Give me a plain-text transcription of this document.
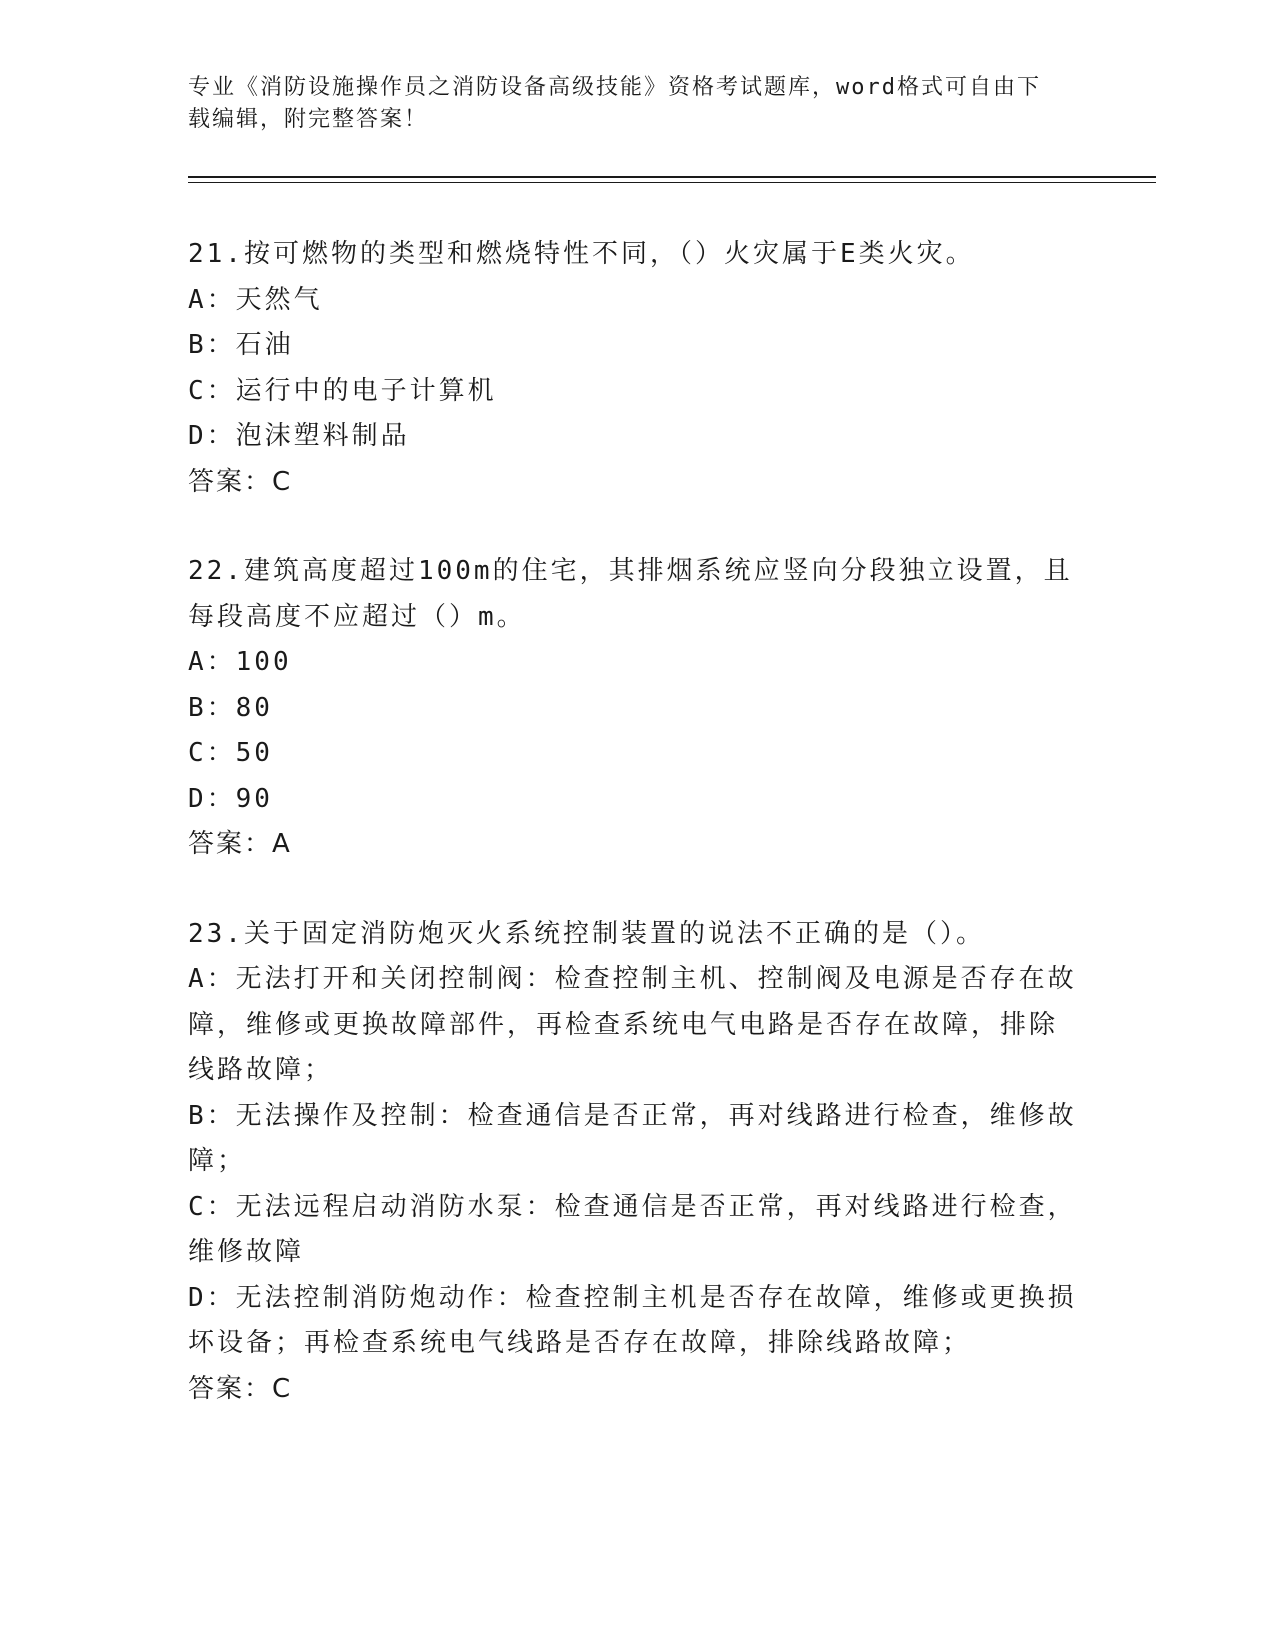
专业《消防设施操作员之消防设备高级技能》资格考试题库，word格式可自由下
载编辑，附完整答案！
21.按可燃物的类型和燃烧特性不同，（）火灾属于E类火灾。
A：天然气
B：石油
C：运行中的电子计算机
D：泡沫塑料制品
答案：C
22.建筑高度超过100m的住宅，其排烟系统应竖向分段独立设置，且
每段高度不应超过（）m。
A：100
B：80
C：50
D：90
答案：A
23.关于固定消防炮灭火系统控制装置的说法不正确的是（）。
A：无法打开和关闭控制阀：检查控制主机、控制阀及电源是否存在故
障，维修或更换故障部件，再检查系统电气电路是否存在故障，排除
线路故障；
B：无法操作及控制：检查通信是否正常，再对线路进行检查，维修故
障；
C：无法远程启动消防水泵：检查通信是否正常，再对线路进行检查，
维修故障
D：无法控制消防炮动作：检查控制主机是否存在故障，维修或更换损
坏设备；再检查系统电气线路是否存在故障，排除线路故障；
答案：C
